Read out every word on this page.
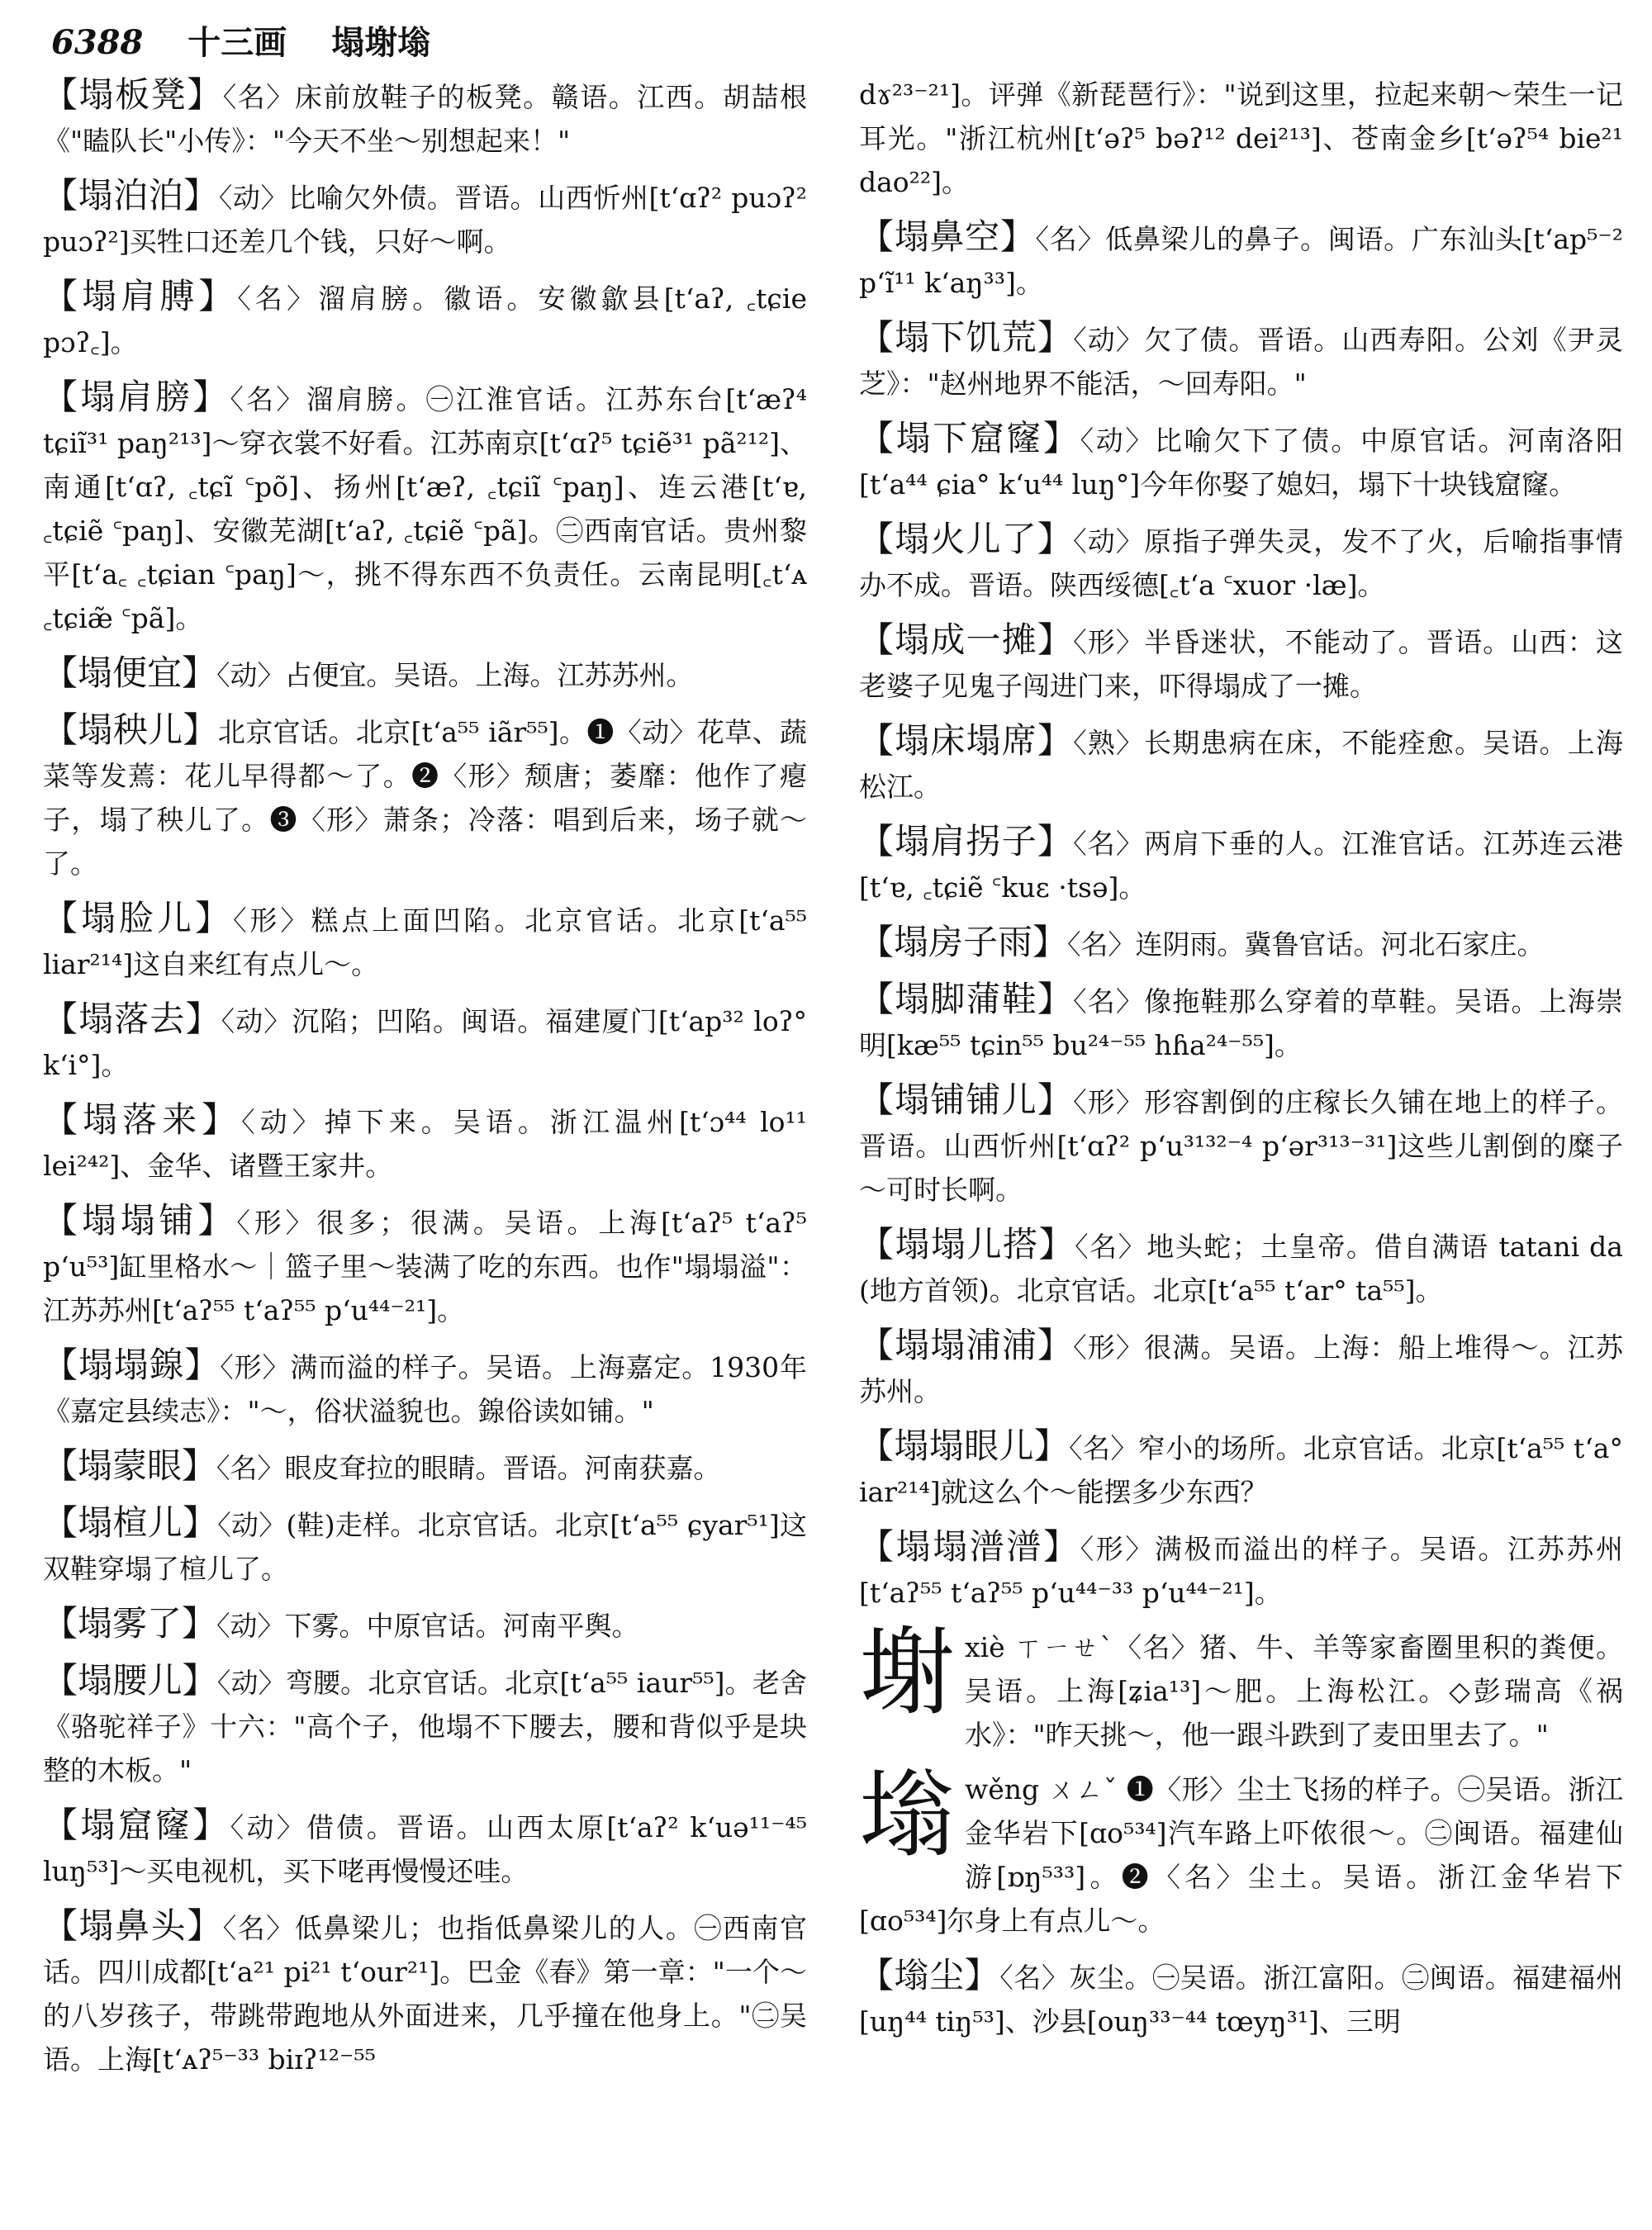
6388 十三画 塌塮塕
【塌板凳】〈名〉床前放鞋子的板凳。赣语。江西。胡喆根《"瞌队长"小传》："今天不坐～别想起来！"
【塌泊泊】〈动〉比喻欠外债。晋语。山西忻州[tʻɑʔ² puɔʔ² puɔʔ²]买牲口还差几个钱，只好～啊。
【塌肩膊】〈名〉溜肩膀。徽语。安徽歙县[tʻaʔ, ꜀tɕie pɔʔ꜀]。
【塌肩膀】〈名〉溜肩膀。㊀江淮官话。江苏东台[tʻæʔ⁴ tɕiĩ³¹ paŋ²¹³]～穿衣裳不好看。江苏南京[tʻɑʔ⁵ tɕiẽ³¹ pã²¹²]、南通[tʻɑʔ, ꜀tɕĩ ꜂põ]、扬州[tʻæʔ, ꜀tɕiĩ ꜂paŋ]、连云港[tʻɐ, ꜀tɕiẽ ꜂paŋ]、安徽芜湖[tʻaʔ, ꜀tɕiẽ ꜂pã]。㊁西南官话。贵州黎平[tʻa꜀ ꜀tɕian ꜂paŋ]～，挑不得东西不负责任。云南昆明[꜀tʻᴀ ꜀tɕiæ̃ ꜂pã]。
【塌便宜】〈动〉占便宜。吴语。上海。江苏苏州。
【塌秧儿】北京官话。北京[tʻa⁵⁵ iãr⁵⁵]。❶〈动〉花草、蔬菜等发蔫：花儿早得都～了。❷〈形〉颓唐；萎靡：他作了瘪子，塌了秧儿了。❸〈形〉萧条；冷落：唱到后来，场子就～了。
【塌脸儿】〈形〉糕点上面凹陷。北京官话。北京[tʻa⁵⁵ liar²¹⁴]这自来红有点儿～。
【塌落去】〈动〉沉陷；凹陷。闽语。福建厦门[tʻap³² loʔ° kʻi°]。
【塌落来】〈动〉掉下来。吴语。浙江温州[tʻɔ⁴⁴ lo¹¹ lei²⁴²]、金华、诸暨王家井。
【塌塌铺】〈形〉很多；很满。吴语。上海[tʻaʔ⁵ tʻaʔ⁵ pʻu⁵³]缸里格水～｜篮子里～装满了吃的东西。也作"塌塌溢"：江苏苏州[tʻaʔ⁵⁵ tʻaʔ⁵⁵ pʻu⁴⁴⁻²¹]。
【塌塌䤼】〈形〉满而溢的样子。吴语。上海嘉定。1930年《嘉定县续志》："～，俗状溢貌也。䤼俗读如铺。"
【塌蒙眼】〈名〉眼皮耷拉的眼睛。晋语。河南获嘉。
【塌楦儿】〈动〉(鞋)走样。北京官话。北京[tʻa⁵⁵ ɕyar⁵¹]这双鞋穿塌了楦儿了。
【塌雾了】〈动〉下雾。中原官话。河南平舆。
【塌腰儿】〈动〉弯腰。北京官话。北京[tʻa⁵⁵ iaur⁵⁵]。老舍《骆驼祥子》十六："高个子，他塌不下腰去，腰和背似乎是块整的木板。"
【塌窟窿】〈动〉借债。晋语。山西太原[tʻaʔ² kʻuə¹¹⁻⁴⁵ luŋ⁵³]～买电视机，买下咾再慢慢还哇。
【塌鼻头】〈名〉低鼻梁儿；也指低鼻梁儿的人。㊀西南官话。四川成都[tʻa²¹ pi²¹ tʻour²¹]。巴金《春》第一章："一个～的八岁孩子，带跳带跑地从外面进来，几乎撞在他身上。"㊁吴语。上海[tʻᴀʔ⁵⁻³³ biɪʔ¹²⁻⁵⁵
dɤ²³⁻²¹]。评弹《新琵琶行》："说到这里，拉起来朝～荣生一记耳光。"浙江杭州[tʻəʔ⁵ bəʔ¹² dei²¹³]、苍南金乡[tʻəʔ⁵⁴ bie²¹ dao²²]。
【塌鼻空】〈名〉低鼻梁儿的鼻子。闽语。广东汕头[tʻap⁵⁻² pʻĩ¹¹ kʻaŋ³³]。
【塌下饥荒】〈动〉欠了债。晋语。山西寿阳。公刘《尹灵芝》："赵州地界不能活，～回寿阳。"
【塌下窟窿】〈动〉比喻欠下了债。中原官话。河南洛阳[tʻa⁴⁴ ɕia° kʻu⁴⁴ luŋ°]今年你娶了媳妇，塌下十块钱窟窿。
【塌火儿了】〈动〉原指子弹失灵，发不了火，后喻指事情办不成。晋语。陕西绥德[꜀tʻa ꜂xuor ·læ]。
【塌成一摊】〈形〉半昏迷状，不能动了。晋语。山西：这老婆子见鬼子闯进门来，吓得塌成了一摊。
【塌床塌席】〈熟〉长期患病在床，不能痊愈。吴语。上海松江。
【塌肩拐子】〈名〉两肩下垂的人。江淮官话。江苏连云港[tʻɐ, ꜀tɕiẽ ꜂kuɛ ·tsə]。
【塌房子雨】〈名〉连阴雨。冀鲁官话。河北石家庄。
【塌脚蒲鞋】〈名〉像拖鞋那么穿着的草鞋。吴语。上海崇明[kæ⁵⁵ tɕin⁵⁵ bu²⁴⁻⁵⁵ hɦa²⁴⁻⁵⁵]。
【塌铺铺儿】〈形〉形容割倒的庄稼长久铺在地上的样子。晋语。山西忻州[tʻɑʔ² pʻu³¹³²⁻⁴ pʻər³¹³⁻³¹]这些儿割倒的糜子～可时长啊。
【塌塌儿搭】〈名〉地头蛇；土皇帝。借自满语 tatani da (地方首领)。北京官话。北京[tʻa⁵⁵ tʻar° ta⁵⁵]。
【塌塌浦浦】〈形〉很满。吴语。上海：船上堆得～。江苏苏州。
【塌塌眼儿】〈名〉窄小的场所。北京官话。北京[tʻa⁵⁵ tʻa° iar²¹⁴]就这么个～能摆多少东西？
【塌塌潽潽】〈形〉满极而溢出的样子。吴语。江苏苏州[tʻaʔ⁵⁵ tʻaʔ⁵⁵ pʻu⁴⁴⁻³³ pʻu⁴⁴⁻²¹]。
塮xiè ㄒㄧㄝˋ〈名〉猪、牛、羊等家畜圈里积的粪便。吴语。上海[ʑia¹³]～肥。上海松江。◇彭瑞高《祸水》："昨天挑～，他一跟斗跌到了麦田里去了。"
塕wěng ㄨㄥˇ ❶〈形〉尘土飞扬的样子。㊀吴语。浙江金华岩下[ɑo⁵³⁴]汽车路上吓侬很～。㊁闽语。福建仙游[ɒŋ⁵³³]。❷〈名〉尘土。吴语。浙江金华岩下[ɑo⁵³⁴]尔身上有点儿～。
【塕尘】〈名〉灰尘。㊀吴语。浙江富阳。㊁闽语。福建福州[uŋ⁴⁴ tiŋ⁵³]、沙县[ouŋ³³⁻⁴⁴ tœyŋ³¹]、三明
